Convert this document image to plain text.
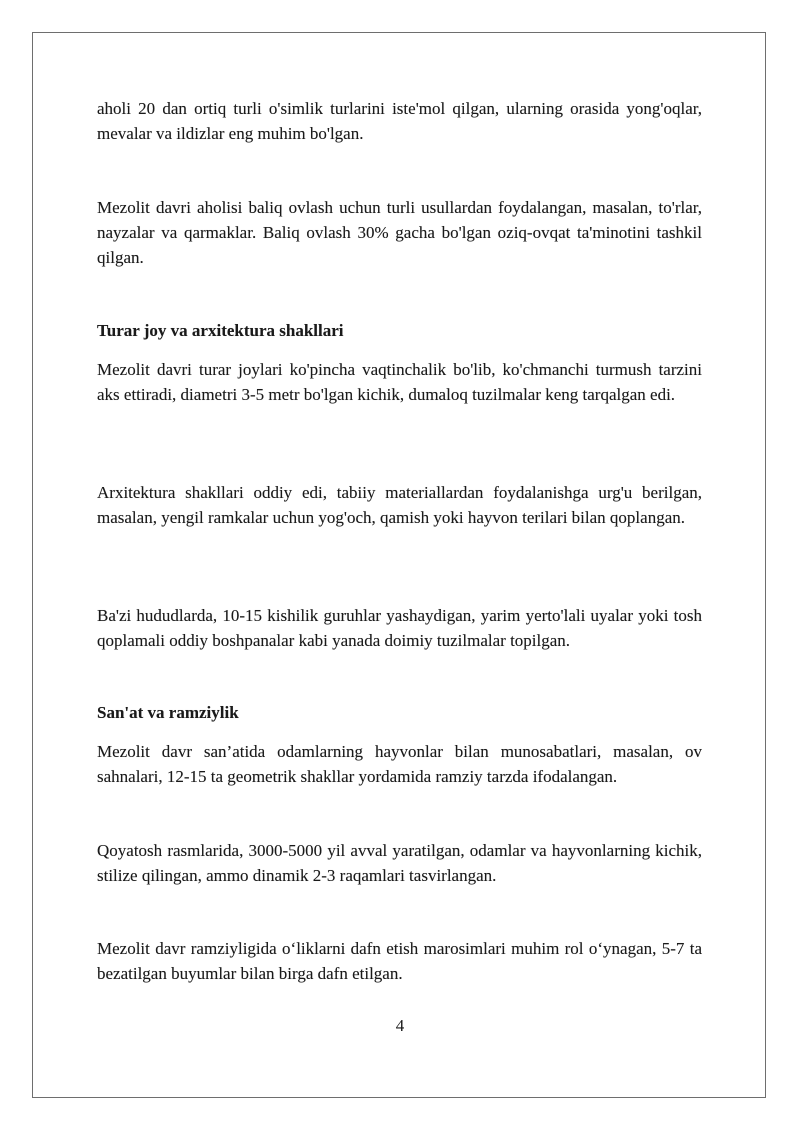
aholi 20 dan ortiq turli o'simlik turlarini iste'mol qilgan, ularning orasida yong'oqlar, mevalar va ildizlar eng muhim bo'lgan.

Mezolit davri aholisi baliq ovlash uchun turli usullardan foydalangan, masalan, to'rlar, nayzalar va qarmaklar. Baliq ovlash 30% gacha bo'lgan oziq-ovqat ta'minotini tashkil qilgan.

Turar joy va arxitektura shakllari

Mezolit davri turar joylari ko'pincha vaqtinchalik bo'lib, ko'chmanchi turmush tarzini aks ettiradi, diametri 3-5 metr bo'lgan kichik, dumaloq tuzilmalar keng tarqalgan edi.

Arxitektura shakllari oddiy edi, tabiiy materiallardan foydalanishga urg'u berilgan, masalan, yengil ramkalar uchun yog'och, qamish yoki hayvon terilari bilan qoplangan.

Ba'zi hududlarda, 10-15 kishilik guruhlar yashaydigan, yarim yerto'lali uyalar yoki tosh qoplamali oddiy boshpanalar kabi yanada doimiy tuzilmalar topilgan.

San'at va ramziylik

Mezolit davr san’atida odamlarning hayvonlar bilan munosabatlari, masalan, ov sahnalari, 12-15 ta geometrik shakllar yordamida ramziy tarzda ifodalangan.

Qoyatosh rasmlarida, 3000-5000 yil avval yaratilgan, odamlar va hayvonlarning kichik, stilize qilingan, ammo dinamik 2-3 raqamlari tasvirlangan.

Mezolit davr ramziyligida o‘liklarni dafn etish marosimlari muhim rol o‘ynagan, 5-7 ta bezatilgan buyumlar bilan birga dafn etilgan.

4
